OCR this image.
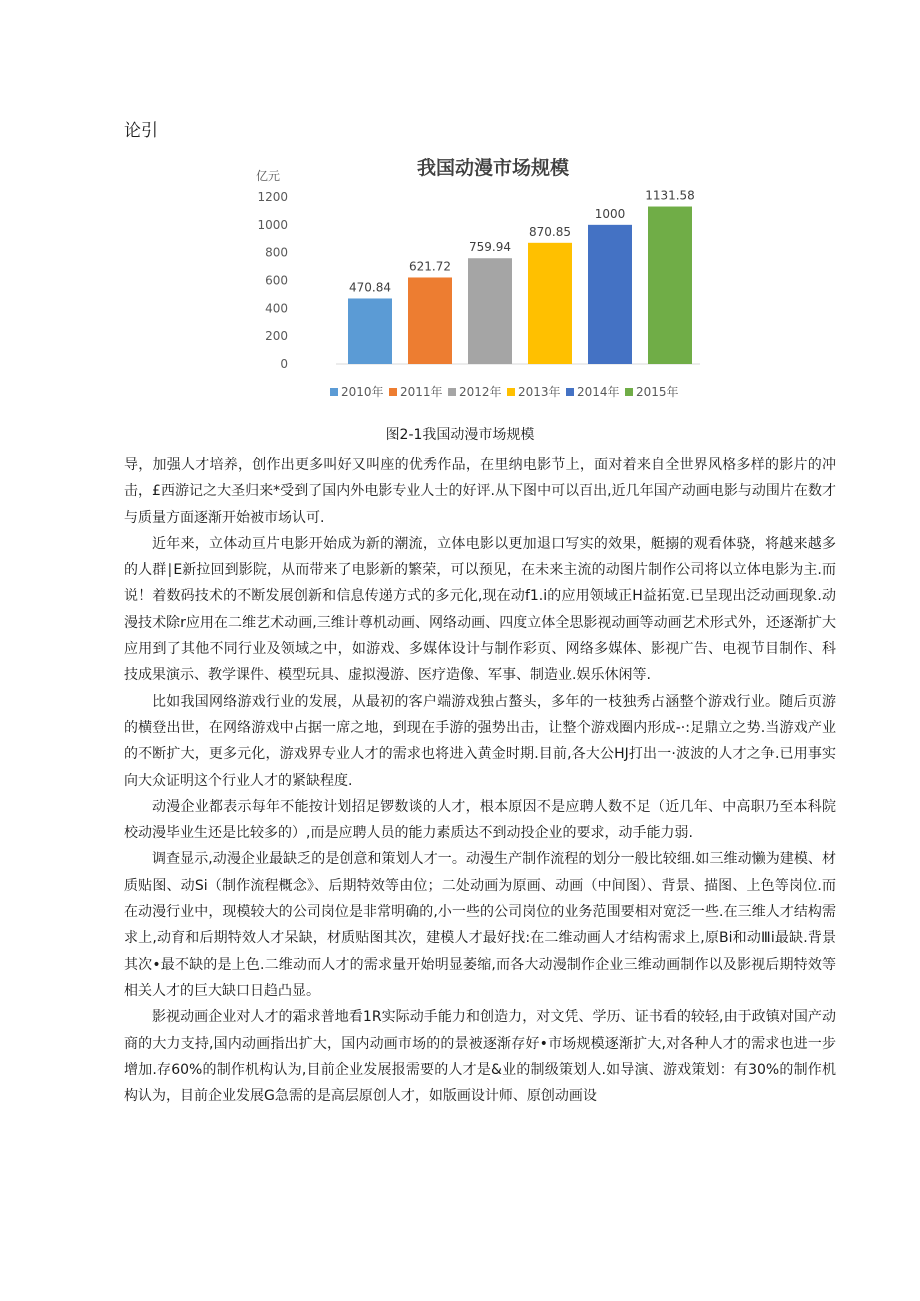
论引
我国动漫市场规模
亿元
0
200
400
600
800
1000
1200
470.84
621.72
759.94
870.85
1000
1131.58
2010年 2011年 2012年 2013年 2014年 2015年
图2-1我国动漫市场规模

导，加强人才培养，创作出更多叫好又叫座的优秀作品，在里纳电影节上，面对着来自全世界风格多样的影片的冲击，£西游记之大圣归来*受到了国内外电影专业人士的好评.从下图中可以百出,近几年国产动画电影与动围片在数才与质量方面逐渐开始被市场认可.

近年来，立体动亘片电影开始成为新的潮流，立体电影以更加退口写实的效果，艇搦的观看体骁，将越来越多的人群∣E新拉回到影院，从而带来了电影新的繁荣，可以预见，在未来主流的动图片制作公司将以立体电影为主.而说！着数码技术的不断发展创新和信息传递方式的多元化,现在动f1.i的应用领域正H益拓宽.已呈现出泛动画现象.动漫技术除r应用在二维艺术动画,三维计尊机动画、网络动画、四度立体全思影视动画等动画艺术形式外，还逐渐扩大应用到了其他不同行业及领域之中，如游戏、多媒体设计与制作彩页、网络多媒体、影视广告、电视节目制作、科技成果演示、教学课件、模型玩具、虚拟漫游、医疗造像、军事、制造业.娱乐休闲等.

比如我国网络游戏行业的发展，从最初的客户端游戏独占螯头，多年的一枝独秀占涵整个游戏行业。随后页游的横登出世，在网络游戏中占据一席之地，到现在手游的强势出击，让整个游戏圈内形成-·:足鼎立之势.当游戏产业的不断扩大，更多元化，游戏界专业人才的需求也将进入黄金时期.目前,各大公HJ打出一·波波的人才之争.已用事实向大众证明这个行业人才的紧缺程度.

动漫企业都表示每年不能按计划招足锣数谈的人才，根本原因不是应聘人数不足（近几年、中高职乃至本科院校动漫毕业生还是比较多的）,而是应聘人员的能力素质达不到动投企业的要求，动手能力弱.

调查显示,动漫企业最缺乏的是创意和策划人才一。动漫生产制作流程的划分一般比较细.如三维动懒为建模、材质贴图、动Si（制作流程概念》、后期特效等由位；二处动画为原画、动画（中间图）、背景、描图、上色等岗位.而在动漫行业中，现模较大的公司岗位是非常明确的,小一些的公司岗位的业务范围要相对宽泛一些.在三维人才结构需求上,动育和后期特效人才呆缺，材质贴图其次，建模人才最好找:在二维动画人才结构需求上,原Bi和动Ⅲi最缺.背景其次•最不缺的是上色.二维动而人才的需求量开始明显萎缩,而各大动漫制作企业三维动画制作以及影视后期特效等相关人才的巨大缺口日趋凸显。

影视动画企业对人才的霜求普地看1R实际动手能力和创造力，对文凭、学历、证书看的较轻,由于政镇对国产动商的大力支持,国内动画指出扩大，国内动画市场的的景被逐渐存好•市场规模逐渐扩大,对各种人才的需求也进一步增加.存60%的制作机构认为,目前企业发展报需要的人才是&业的制级策划人.如导演、游戏策划：有30%的制作机构认为，目前企业发展G急需的是高层原创人才，如版画设计师、原创动画设
